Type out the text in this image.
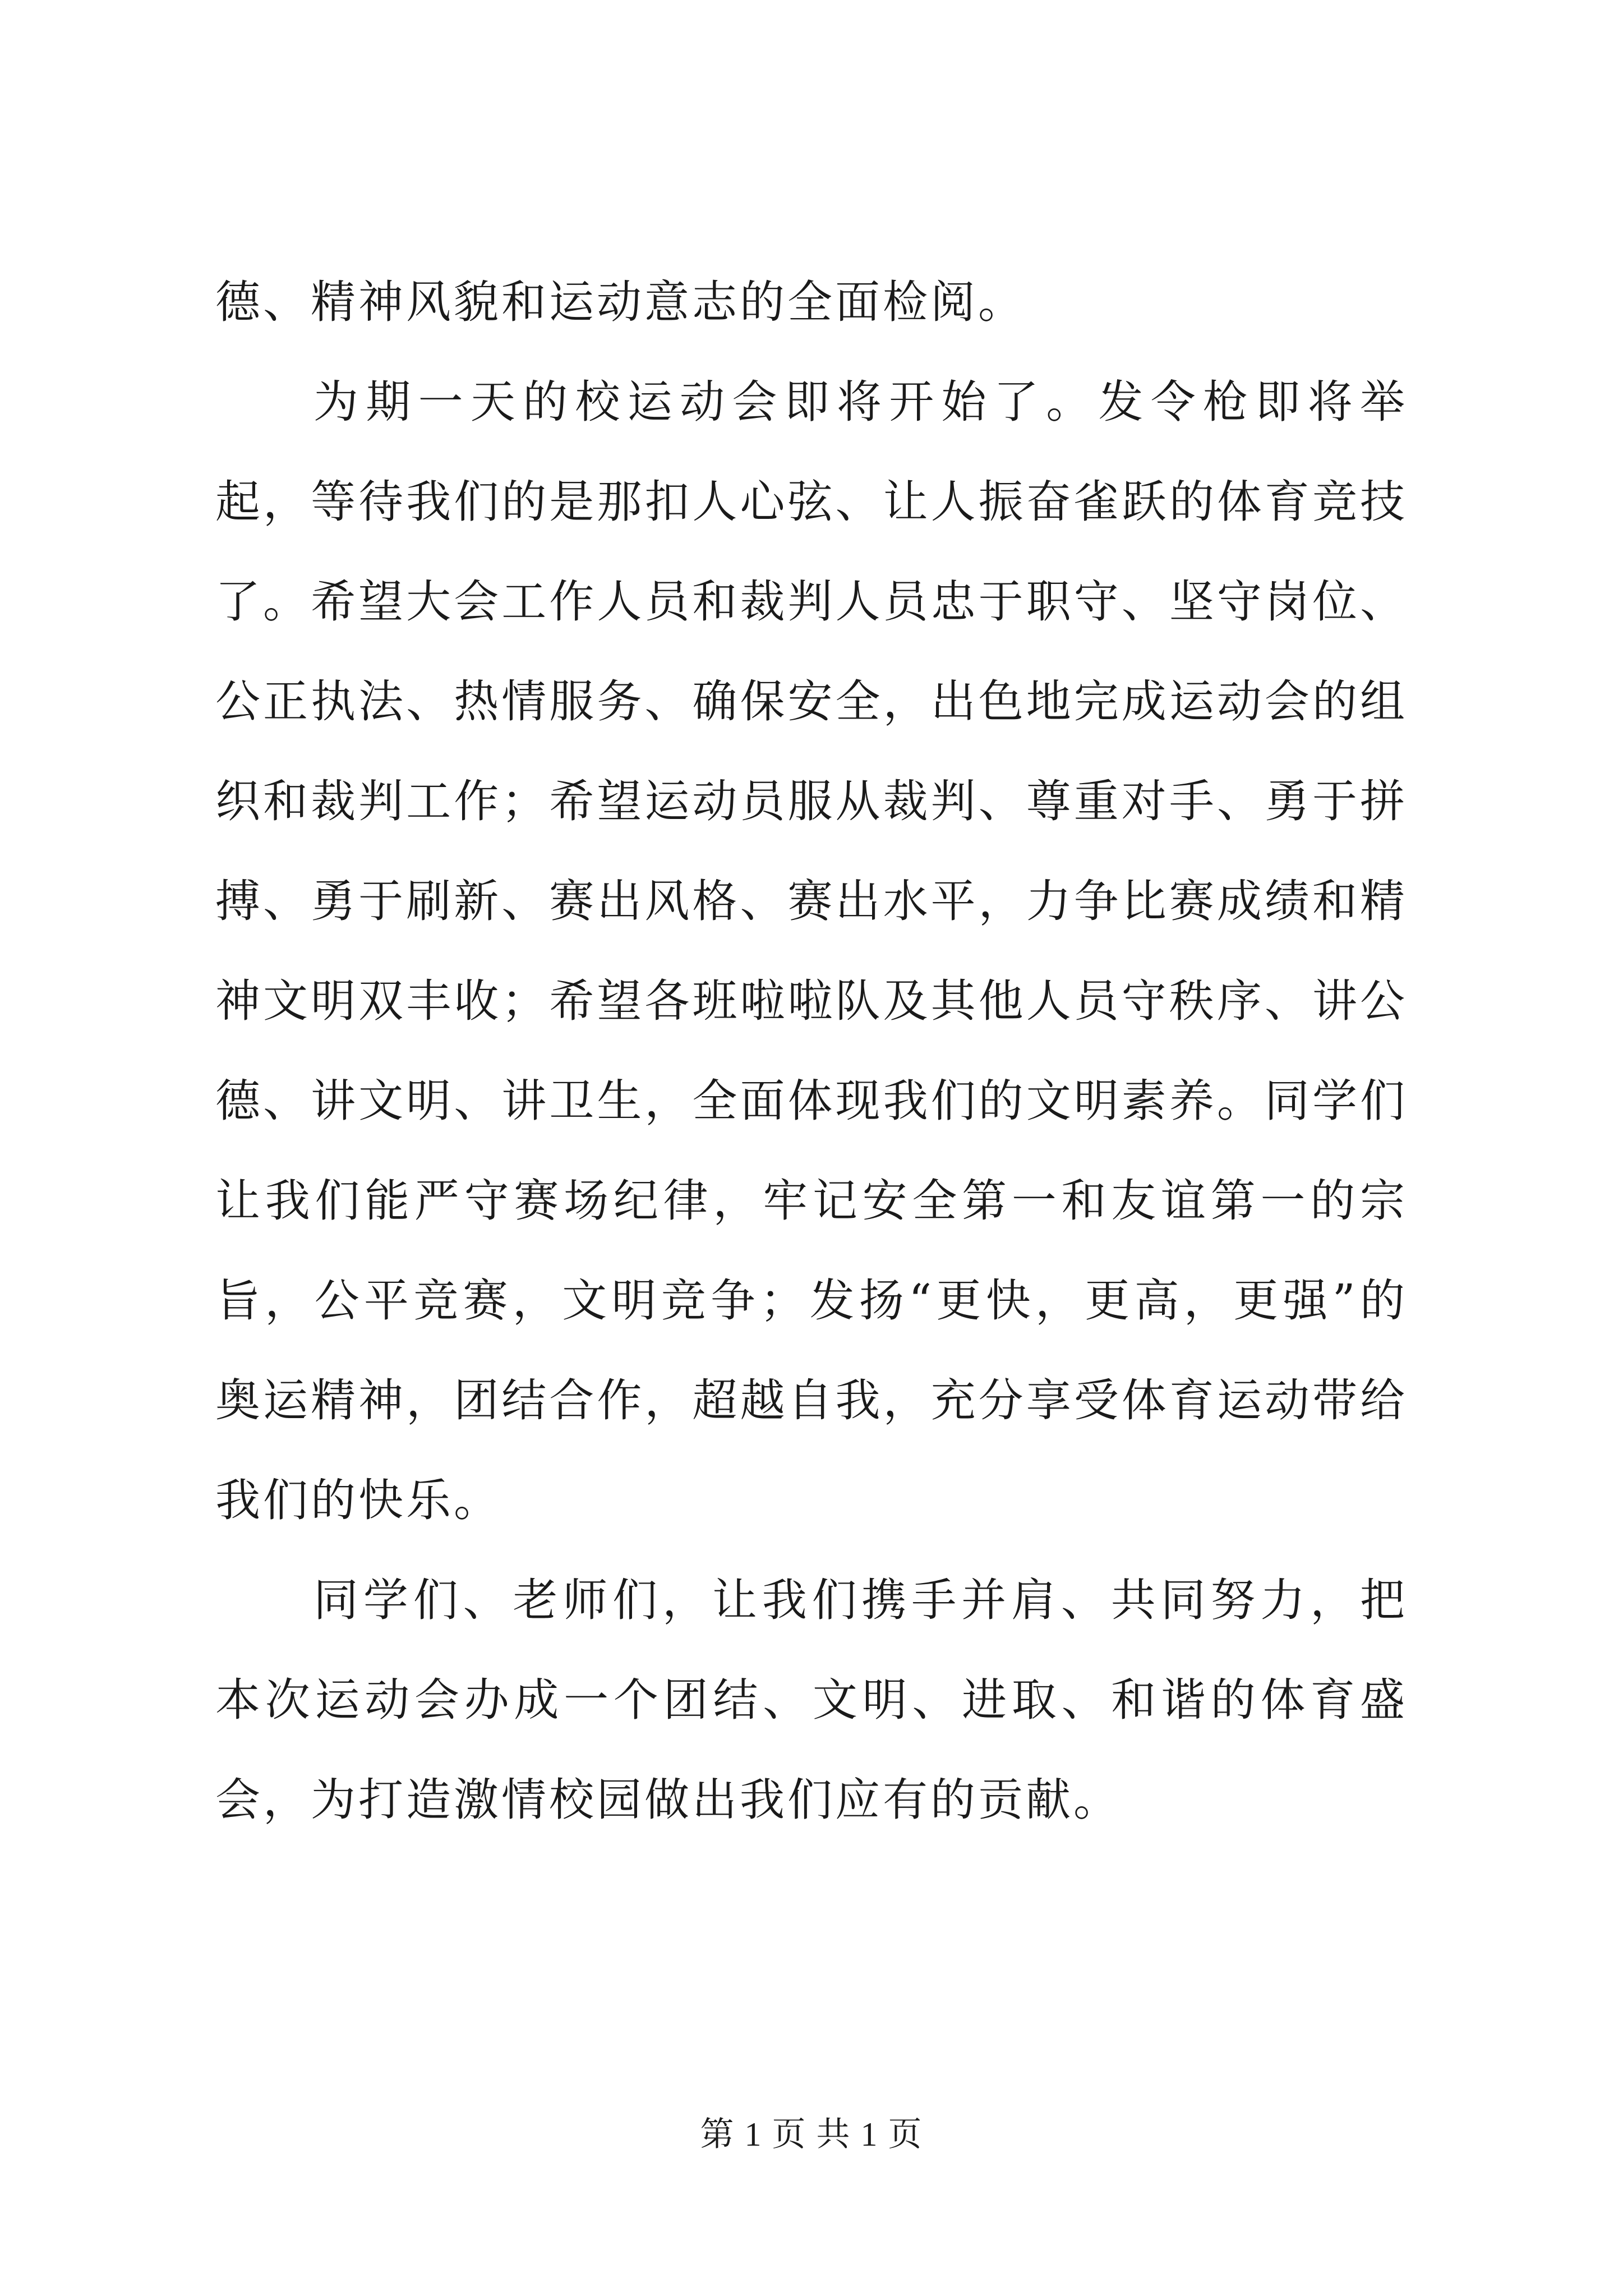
德、精神风貌和运动意志的全面检阅。

为期一天的校运动会即将开始了。发令枪即将举起，等待我们的是那扣人心弦、让人振奋雀跃的体育竞技了。希望大会工作人员和裁判人员忠于职守、坚守岗位、公正执法、热情服务、确保安全，出色地完成运动会的组织和裁判工作；希望运动员服从裁判、尊重对手、勇于拼搏、勇于刷新、赛出风格、赛出水平，力争比赛成绩和精神文明双丰收；希望各班啦啦队及其他人员守秩序、讲公德、讲文明、讲卫生，全面体现我们的文明素养。同学们让我们能严守赛场纪律，牢记安全第一和友谊第一的宗旨，公平竞赛，文明竞争；发扬“更快，更高，更强”的奥运精神，团结合作，超越自我，充分享受体育运动带给我们的快乐。

同学们、老师们，让我们携手并肩、共同努力，把本次运动会办成一个团结、文明、进取、和谐的体育盛会，为打造激情校园做出我们应有的贡献。

第 1 页 共 1 页
